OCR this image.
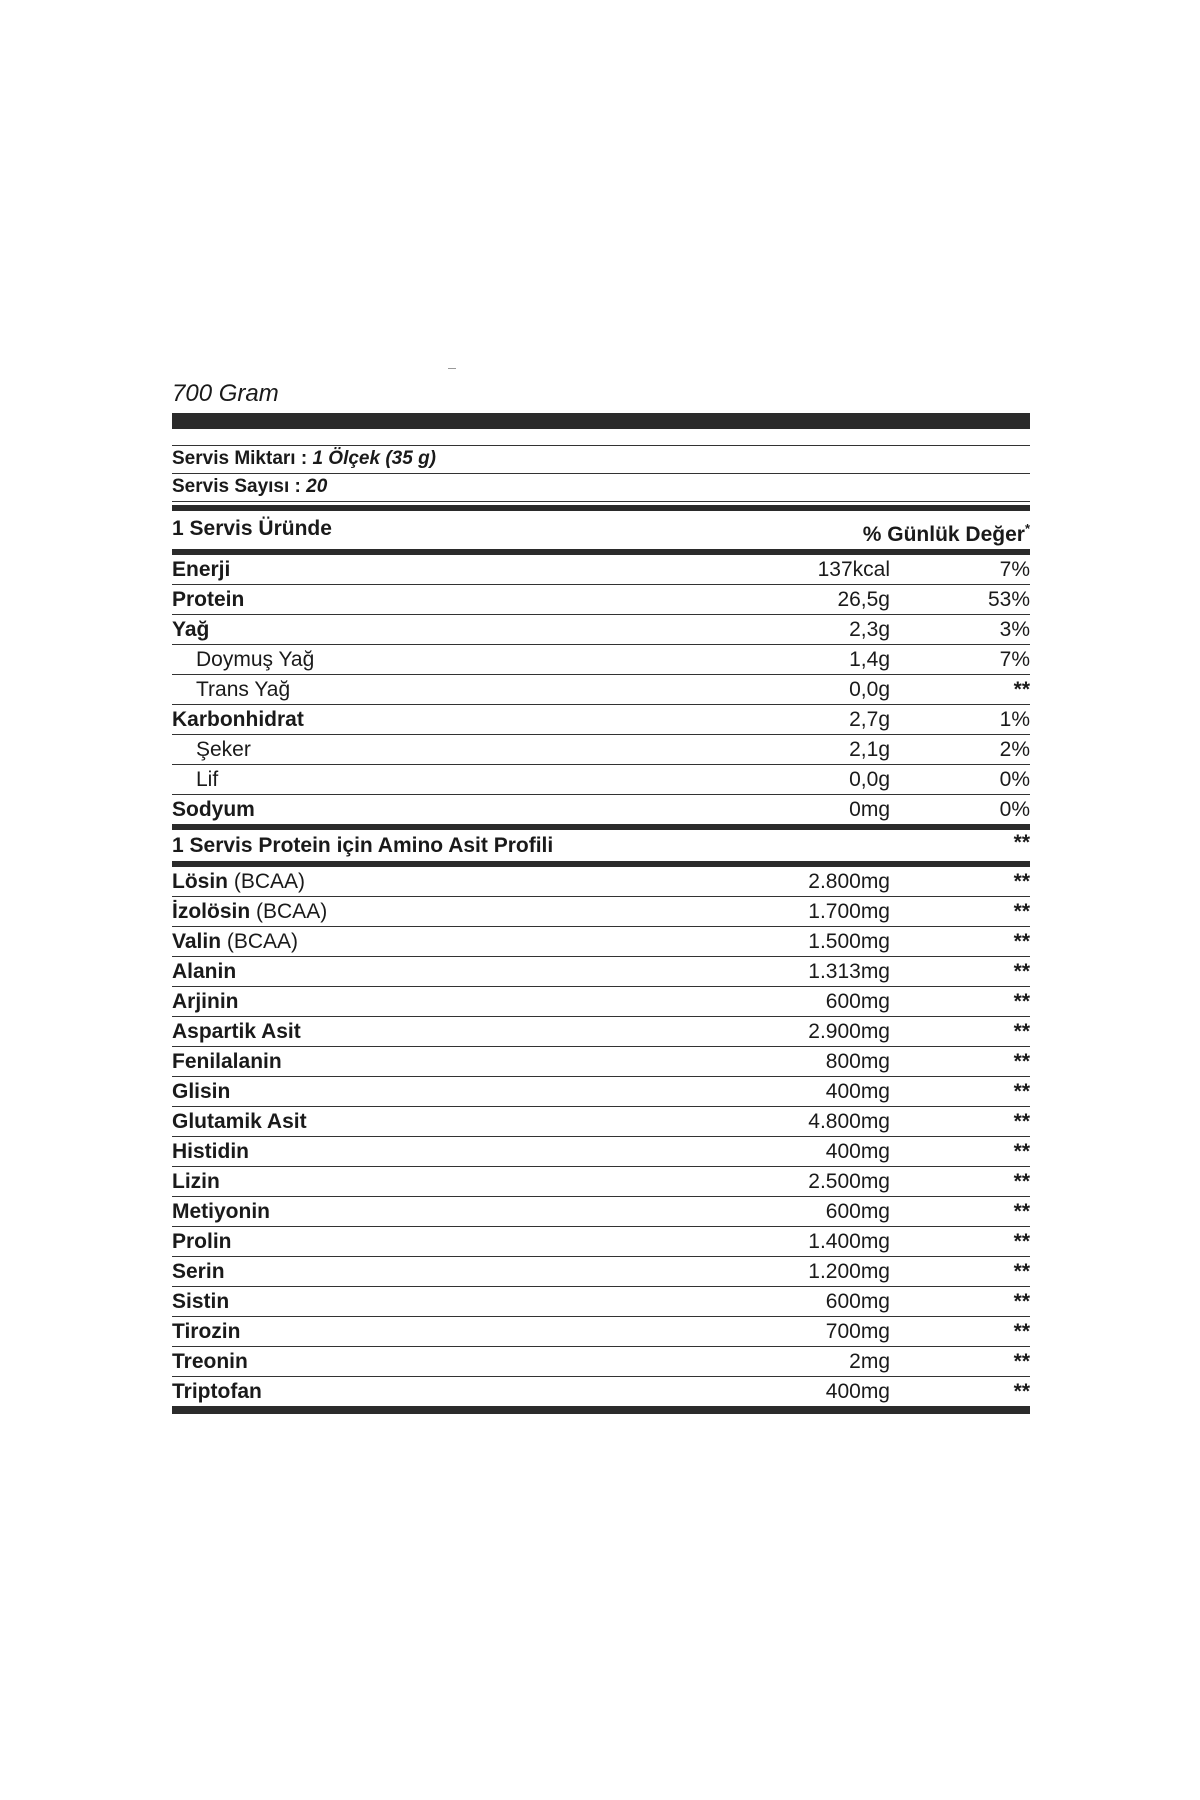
700 Gram
Servis Miktarı : 1 Ölçek (35 g)
Servis Sayısı : 20
1 Servis Üründe	% Günlük Değer*
Enerji	137kcal	7%
Protein	26,5g	53%
Yağ	2,3g	3%
Doymuş Yağ	1,4g	7%
Trans Yağ	0,0g	**
Karbonhidrat	2,7g	1%
Şeker	2,1g	2%
Lif	0,0g	0%
Sodyum	0mg	0%
1 Servis Protein için Amino Asit Profili	**
Lösin (BCAA)	2.800mg	**
İzolösin (BCAA)	1.700mg	**
Valin (BCAA)	1.500mg	**
Alanin	1.313mg	**
Arjinin	600mg	**
Aspartik Asit	2.900mg	**
Fenilalanin	800mg	**
Glisin	400mg	**
Glutamik Asit	4.800mg	**
Histidin	400mg	**
Lizin	2.500mg	**
Metiyonin	600mg	**
Prolin	1.400mg	**
Serin	1.200mg	**
Sistin	600mg	**
Tirozin	700mg	**
Treonin	2mg	**
Triptofan	400mg	**
